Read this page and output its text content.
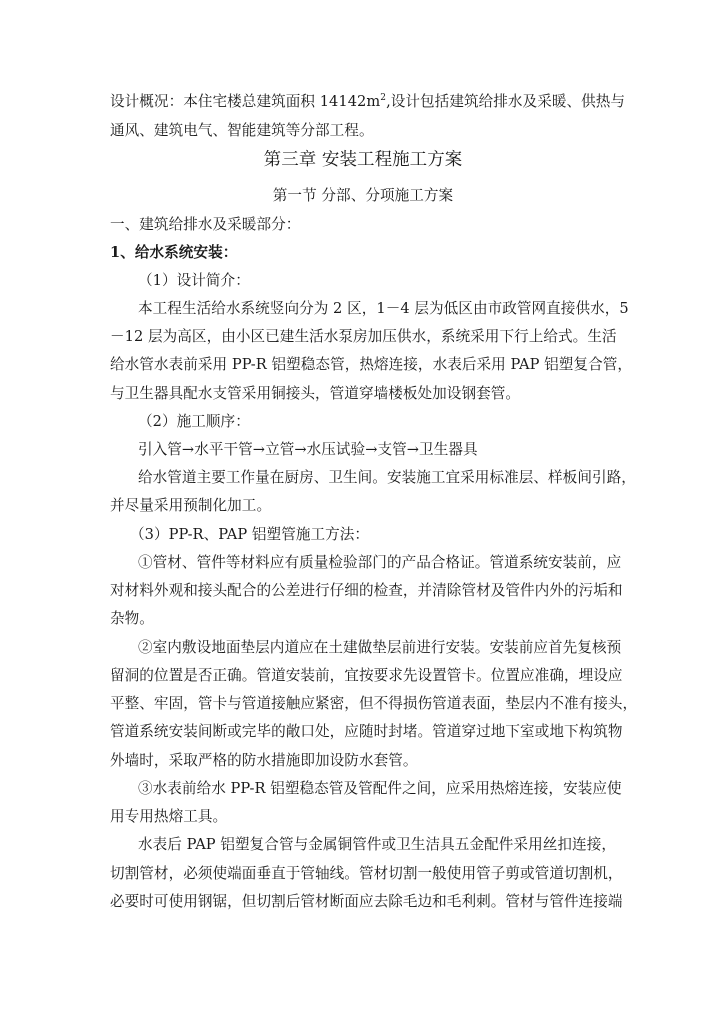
设计概况：本住宅楼总建筑面积 $14142m^2$,设计包括建筑给排水及采暖、供热与
通风、建筑电气、智能建筑等分部工程。
第三章 安装工程施工方案
第一节 分部、分项施工方案
一、建筑给排水及采暖部分：
1、给水系统安装：
（1）设计简介：
本工程生活给水系统竖向分为 2 区，1－4 层为低区由市政管网直接供水，5
－12 层为高区，由小区已建生活水泵房加压供水，系统采用下行上给式。生活
给水管水表前采用 PP-R 铝塑稳态管，热熔连接，水表后采用 PAP 铝塑复合管，
与卫生器具配水支管采用铜接头，管道穿墙楼板处加设钢套管。
（2）施工顺序：
引入管→水平干管→立管→水压试验→支管→卫生器具
给水管道主要工作量在厨房、卫生间。安装施工宜采用标准层、样板间引路，
并尽量采用预制化加工。
（3）PP-R、PAP 铝塑管施工方法：
①管材、管件等材料应有质量检验部门的产品合格证。管道系统安装前，应
对材料外观和接头配合的公差进行仔细的检查，并清除管材及管件内外的污垢和
杂物。
②室内敷设地面垫层内道应在土建做垫层前进行安装。安装前应首先复核预
留洞的位置是否正确。管道安装前，宜按要求先设置管卡。位置应准确，埋设应
平整、牢固，管卡与管道接触应紧密，但不得损伤管道表面，垫层内不准有接头，
管道系统安装间断或完毕的敞口处，应随时封堵。管道穿过地下室或地下构筑物
外墙时，采取严格的防水措施即加设防水套管。
③水表前给水 PP-R 铝塑稳态管及管配件之间，应采用热熔连接，安装应使
用专用热熔工具。
水表后 PAP 铝塑复合管与金属铜管件或卫生洁具五金配件采用丝扣连接，
切割管材，必须使端面垂直于管轴线。管材切割一般使用管子剪或管道切割机，
必要时可使用钢锯，但切割后管材断面应去除毛边和毛利刺。管材与管件连接端
